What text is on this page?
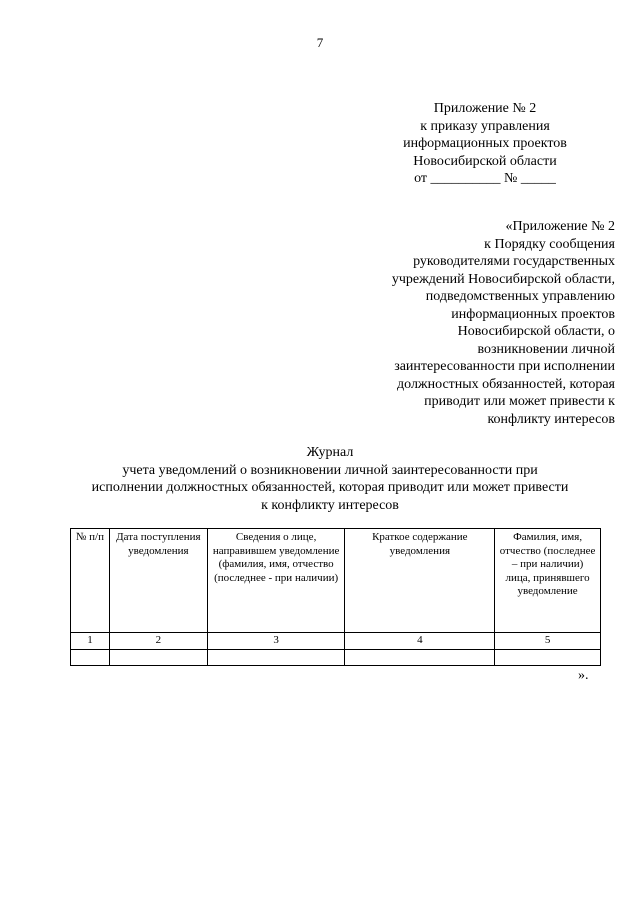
7
Приложение № 2
к приказу управления
информационных проектов
Новосибирской области
от __________ № _____
«Приложение № 2
к Порядку сообщения
руководителями государственных
учреждений Новосибирской области,
подведомственных управлению
информационных проектов
Новосибирской области, о
возникновении личной
заинтересованности при исполнении
должностных обязанностей, которая
приводит или может привести к
конфликту интересов
Журнал
учета уведомлений о возникновении личной заинтересованности при
исполнении должностных обязанностей, которая приводит или может привести
к конфликту интересов
№ п/п	Дата поступления уведомления	Сведения о лице, направившем уведомление (фамилия, имя, отчество (последнее - при наличии)	Краткое содержание уведомления	Фамилия, имя, отчество (последнее – при наличии) лица, принявшего уведомление
1	2	3	4	5

».
